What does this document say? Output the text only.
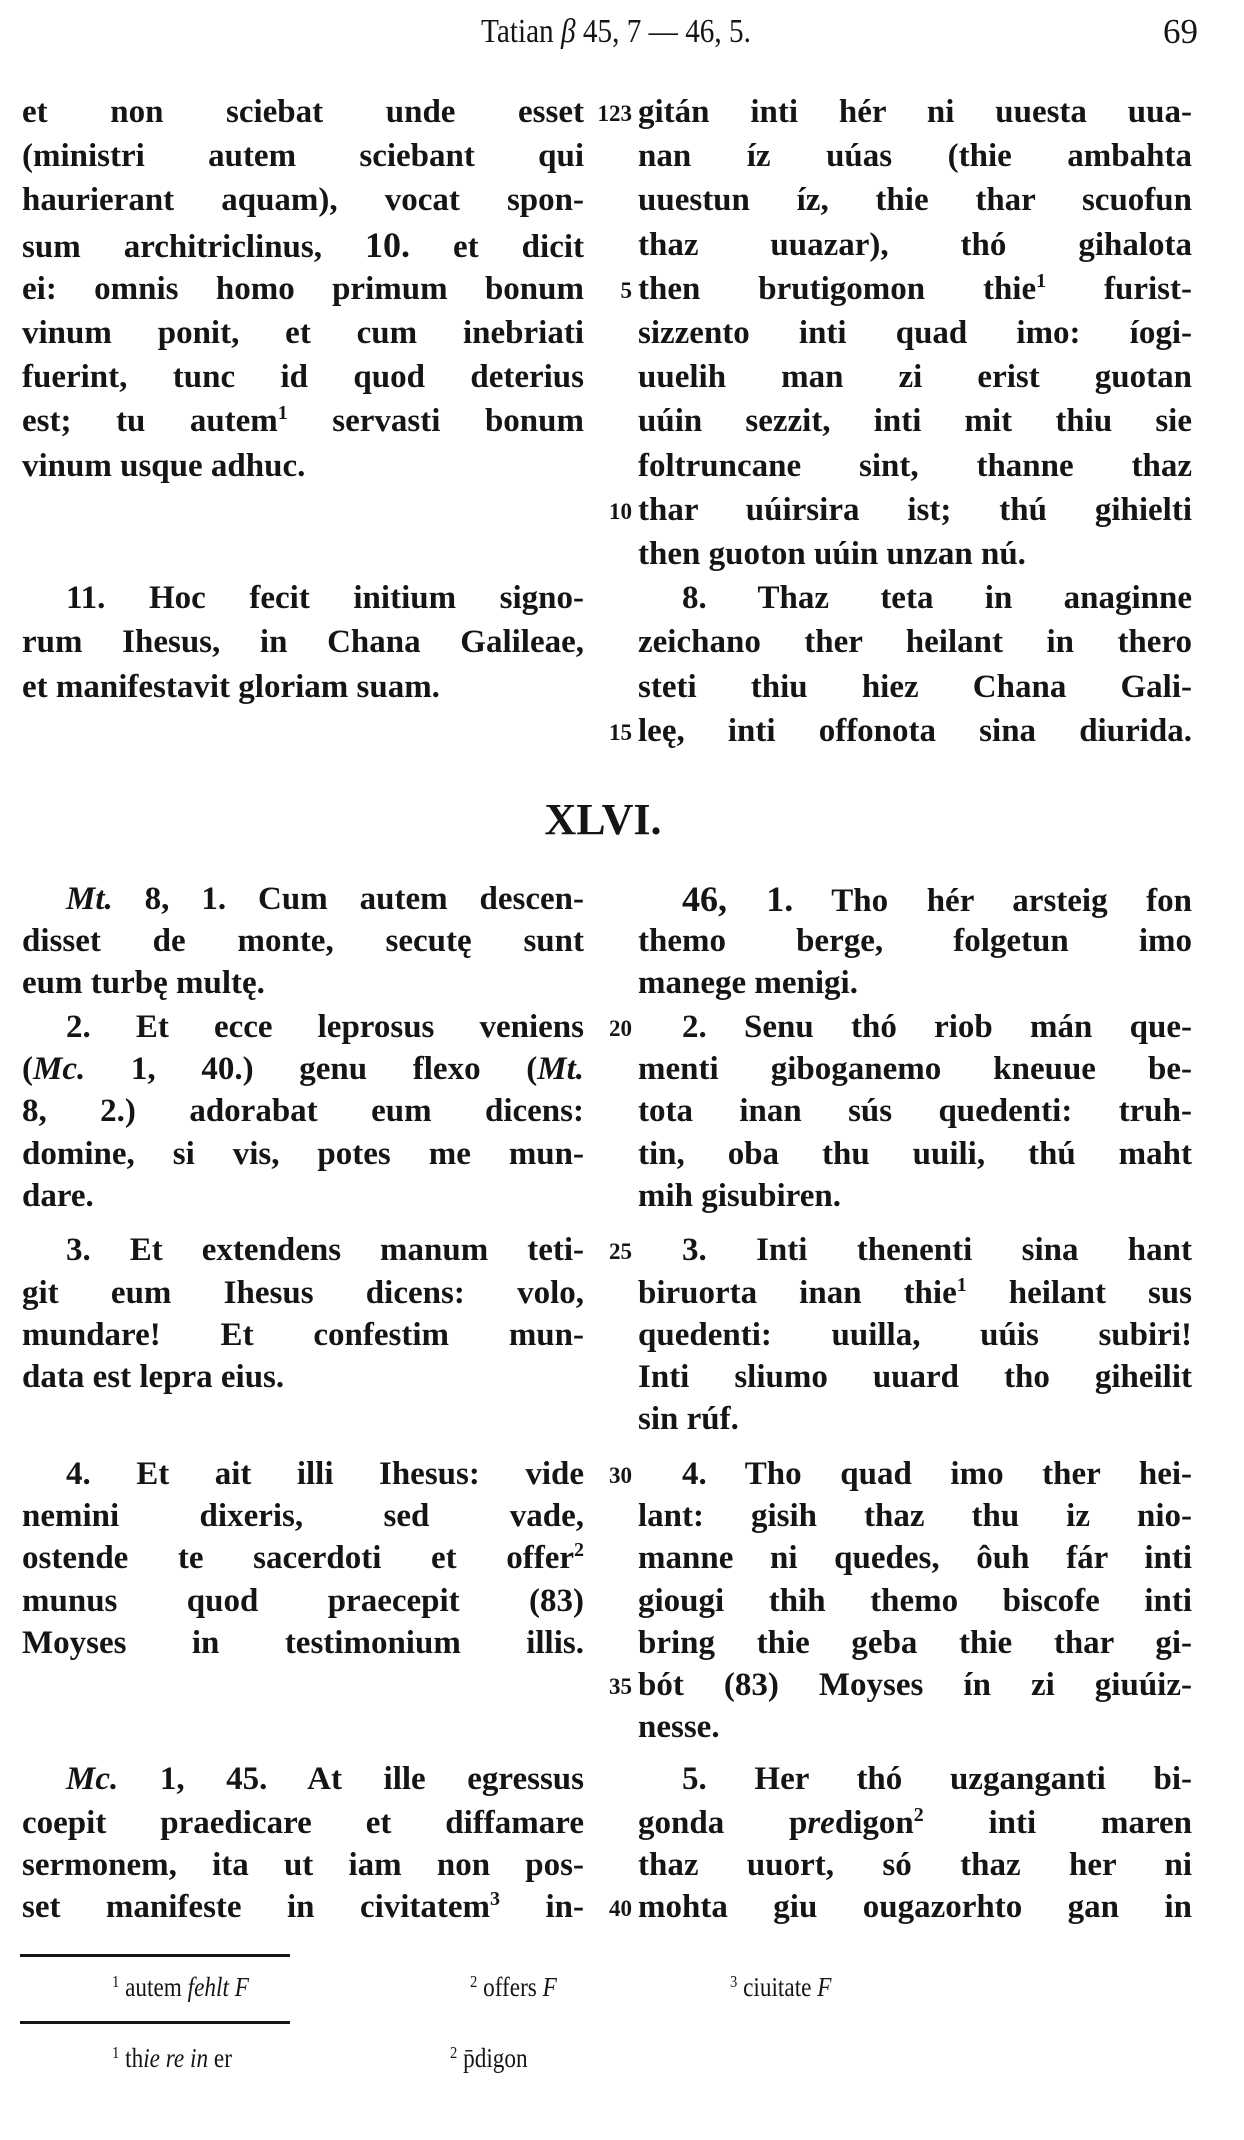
Tatian β 45, 7 — 46, 5.	69
et non sciebat unde esset
(ministri autem sciebant qui
haurierant aquam), vocat spon-
sum architriclinus, 10. et dicit
ei: omnis homo primum bonum
vinum ponit, et cum inebriati
fuerint, tunc id quod deterius
est; tu autem$^1$ servasti bonum
vinum usque adhuc.
11. Hoc fecit initium signo-
rum Ihesus, in Chana Galileae,
et manifestavit gloriam suam.
gitán inti hér ni uuesta uua-
nan íz uúas (thie ambahta
uuestun íz, thie thar scuofun
thaz uuazar), thó gihalota
then brutigomon thie$^1$ furist-
sizzento inti quad imo: íogi-
uuelih man zi erist guotan
uúin sezzit, inti mit thiu sie
foltruncane sint, thanne thaz
thar uúirsira ist; thú gihielti
then guoton uúin unzan nú.
8. Thaz teta in anaginne
zeichano ther heilant in thero
steti thiu hiez Chana Gali-
leę, inti offonota sina diurida.
123
5
10
15
XLVI.
Mt. 8, 1. Cum autem descen-
disset de monte, secutę sunt
eum turbę multę.
2. Et ecce leprosus veniens
(Mc. 1, 40.) genu flexo (Mt.
8, 2.) adorabat eum dicens:
domine, si vis, potes me mun-
dare.
3. Et extendens manum teti-
git eum Ihesus dicens: volo,
mundare! Et confestim mun-
data est lepra eius.
4. Et ait illi Ihesus: vide
nemini dixeris, sed vade,
ostende te sacerdoti et offer$^2$
munus quod praecepit (83)
Moyses in testimonium illis.
Mc. 1, 45. At ille egressus
coepit praedicare et diffamare
sermonem, ita ut iam non pos-
set manifeste in civitatem$^3$ in-
46, 1. Tho hér arsteig fon
themo berge, folgetun imo
manege menigi.
2. Senu thó riob mán que-
menti giboganemo kneuue be-
tota inan sús quedenti: truh-
tin, oba thu uuili, thú maht
mih gisubiren.
3. Inti thenenti sina hant
biruorta inan thie$^1$ heilant sus
quedenti: uuilla, uúis subiri!
Inti sliumo uuard tho giheilit
sin rúf.
4. Tho quad imo ther hei-
lant: gisih thaz thu iz nio-
manne ni quedes, ôuh fár inti
giougi thih themo biscofe inti
bring thie geba thie thar gi-
bót (83) Moyses ín zi giuúiz-
nesse.
5. Her thó uzganganti bi-
gonda predigon$^2$ inti maren
thaz uuort, só thaz her ni
mohta giu ougazorhto gan in
20
25
30
35
40
$^1$ autem fehlt F	$^2$ offers F	$^3$ ciuitate F
$^1$ thie re in er	$^2$ p̄digon
